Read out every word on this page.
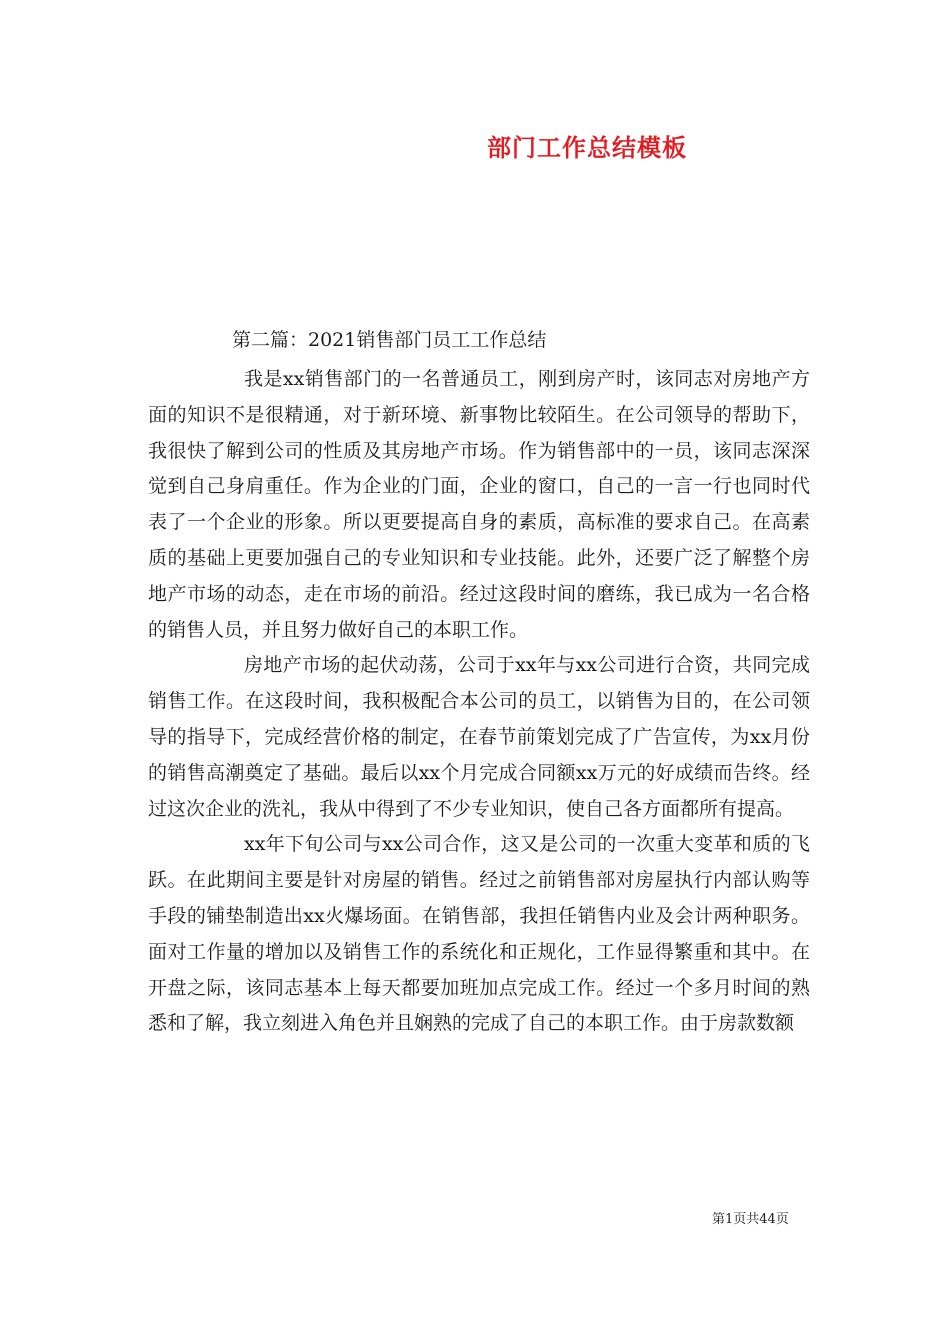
部门工作总结模板
第二篇：2021销售部门员工工作总结

我是xx销售部门的一名普通员工，刚到房产时，该同志对房地产方面的知识不是很精通，对于新环境、新事物比较陌生。在公司领导的帮助下，我很快了解到公司的性质及其房地产市场。作为销售部中的一员，该同志深深觉到自己身肩重任。作为企业的门面，企业的窗口，自己的一言一行也同时代表了一个企业的形象。所以更要提高自身的素质，高标准的要求自己。在高素质的基础上更要加强自己的专业知识和专业技能。此外，还要广泛了解整个房地产市场的动态，走在市场的前沿。经过这段时间的磨练，我已成为一名合格的销售人员，并且努力做好自己的本职工作。

房地产市场的起伏动荡，公司于xx年与xx公司进行合资，共同完成销售工作。在这段时间，我积极配合本公司的员工，以销售为目的，在公司领导的指导下，完成经营价格的制定，在春节前策划完成了广告宣传，为xx月份的销售高潮奠定了基础。最后以xx个月完成合同额xx万元的好成绩而告终。经过这次企业的洗礼，我从中得到了不少专业知识，使自己各方面都所有提高。

xx年下旬公司与xx公司合作，这又是公司的一次重大变革和质的飞跃。在此期间主要是针对房屋的销售。经过之前销售部对房屋执行内部认购等手段的铺垫制造出xx火爆场面。在销售部，我担任销售内业及会计两种职务。面对工作量的增加以及销售工作的系统化和正规化，工作显得繁重和其中。在开盘之际，该同志基本上每天都要加班加点完成工作。经过一个多月时间的熟悉和了解，我立刻进入角色并且娴熟的完成了自己的本职工作。由于房款数额

第1页共44页
